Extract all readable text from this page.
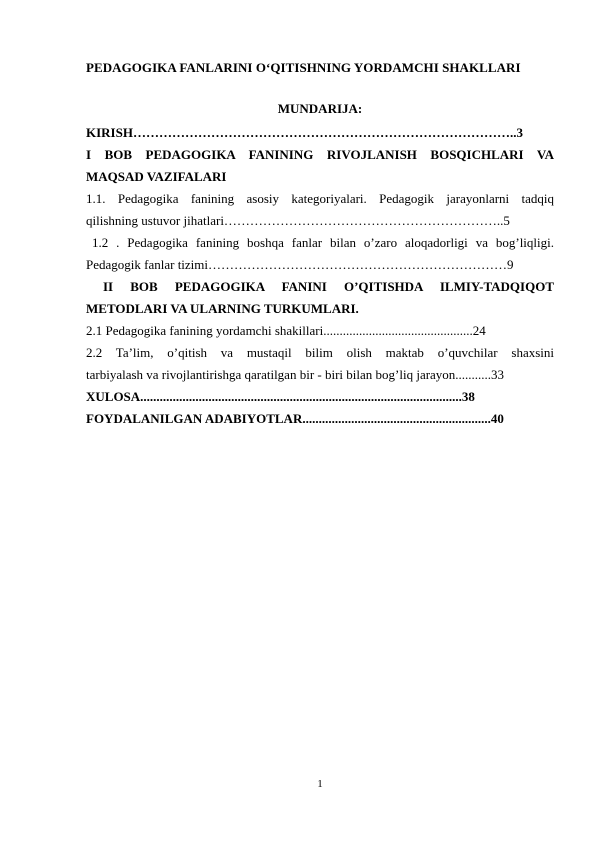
PEDAGOGIKA FANLARINI O‘QITISHNING YORDAMCHI SHAKLLARI
MUNDARIJA:
KIRISH……………………………………………………………………………..3
I BOB PEDAGOGIKA FANINING RIVOJLANISH BOSQICHLARI VA
MAQSAD VAZIFALARI
1.1. Pedagogika fanining asosiy kategoriyalari. Pedagogik jarayonlarni tadqiq
qilishning ustuvor jihatlari………………………………………………………..5
1.2 . Pedagogika fanining boshqa fanlar bilan o’zaro aloqadorligi va bog’liqligi.
Pedagogik fanlar tizimi……………………………………………………………9
II BOB PEDAGOGIKA FANINI O’QITISHDA ILMIY-TADQIQOT
METODLARI VA ULARNING TURKUMLARI.
2.1 Pedagogika fanining yordamchi shakillari..............................................24
2.2 Ta’lim, o’qitish va mustaqil bilim olish maktab o’quvchilar shaxsini
tarbiyalash va rivojlantirishga qaratilgan bir - biri bilan bog’liq jarayon...........33
XULOSA...................................................................................................38
FOYDALANILGAN ADABIYOTLAR..........................................................40
1
